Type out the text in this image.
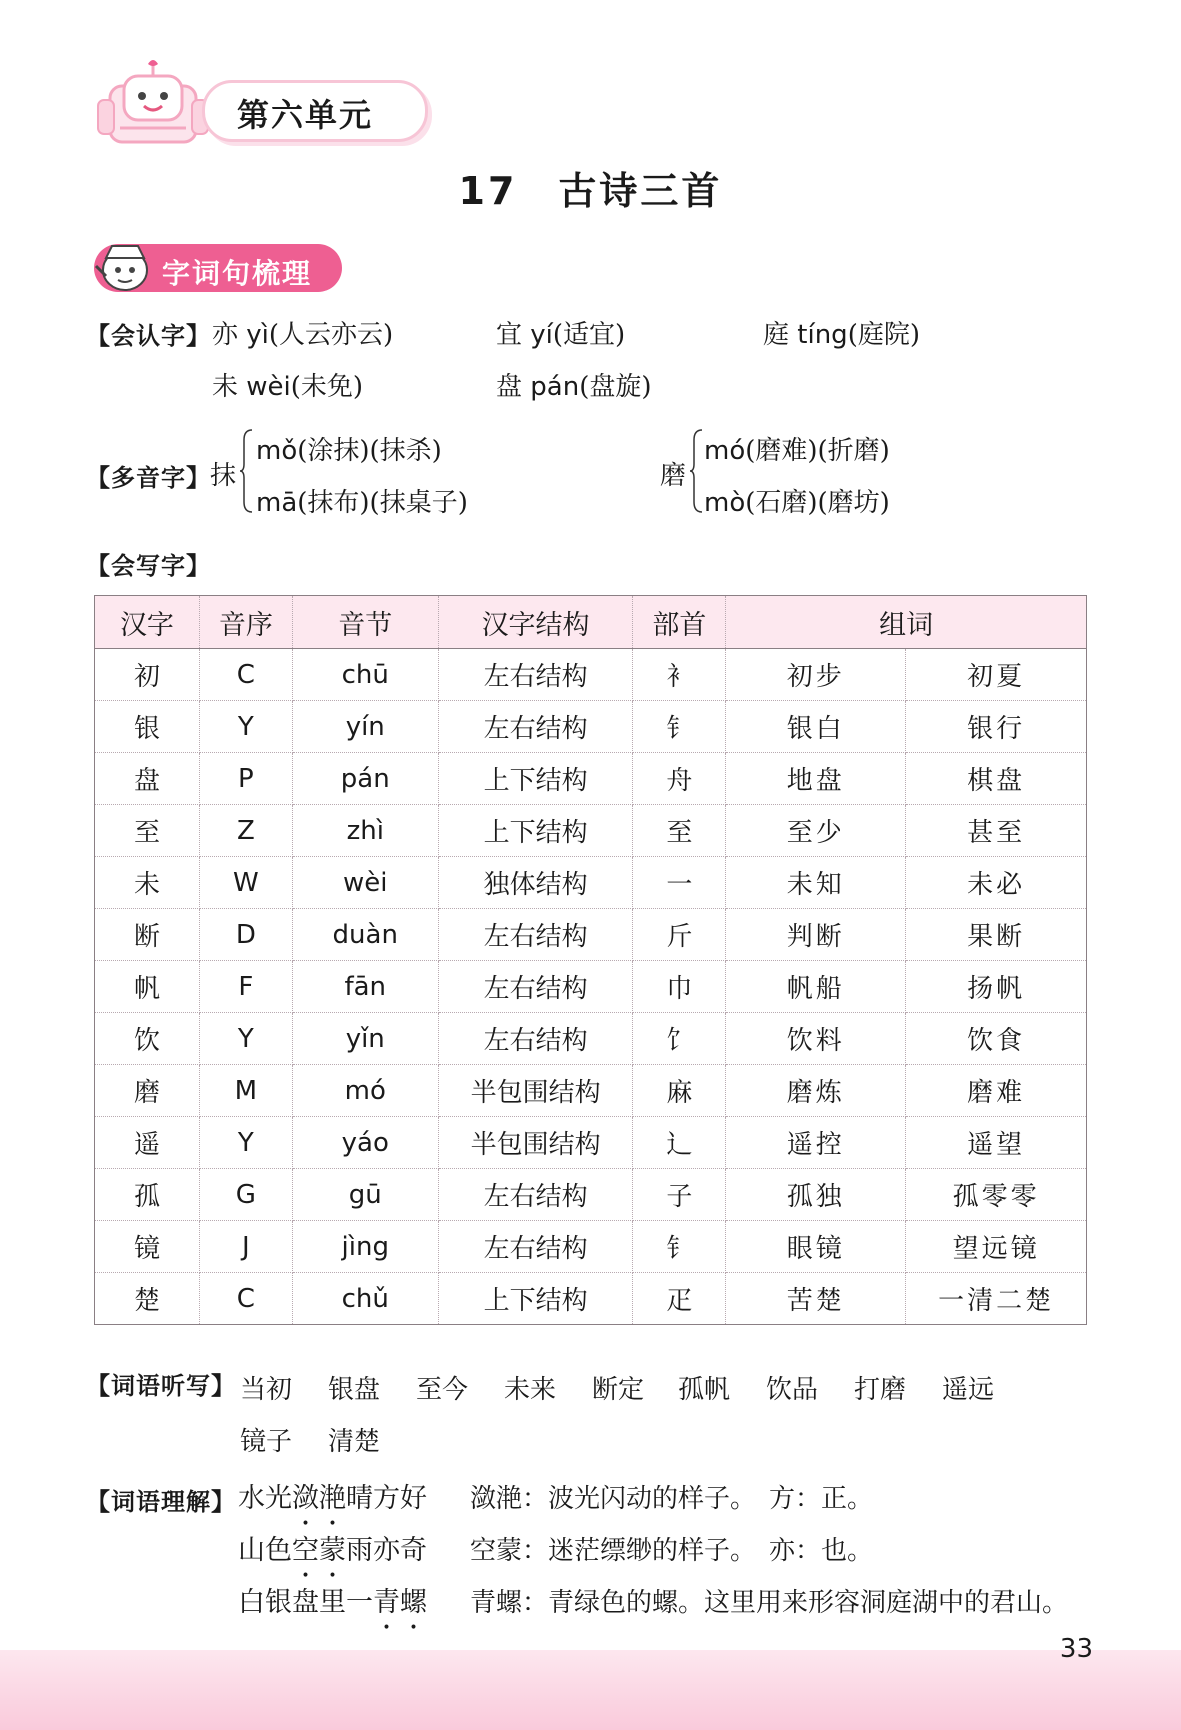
第六单元
17　古诗三首
字词句梳理
【会认字】 亦 yì(人云亦云)	宜 yí(适宜)	庭 tíng(庭院)
未 wèi(未免)	盘 pán(盘旋)
【多音字】 抹
mǒ(涂抹)(抹杀)
mā(抹布)(抹桌子)
磨
mó(磨难)(折磨)
mò(石磨)(磨坊)
【会写字】
汉字	音序	音节	汉字结构	部首	组词	
初	C	chū	左右结构	衤	初步	初夏
银	Y	yín	左右结构	钅	银白	银行
盘	P	pán	上下结构	舟	地盘	棋盘
至	Z	zhì	上下结构	至	至少	甚至
未	W	wèi	独体结构	一	未知	未必
断	D	duàn	左右结构	斤	判断	果断
帆	F	fān	左右结构	巾	帆船	扬帆
饮	Y	yǐn	左右结构	饣	饮料	饮食
磨	M	mó	半包围结构	麻	磨炼	磨难
遥	Y	yáo	半包围结构	辶	遥控	遥望
孤	G	gū	左右结构	子	孤独	孤零零
镜	J	jìng	左右结构	钅	眼镜	望远镜
楚	C	chǔ	上下结构	疋	苦楚	一清二楚
【词语听写】 当初 银盘 至今 未来 断定 孤帆 饮品 打磨 遥远
镜子 清楚
【词语理解】 水光潋滟晴方好 潋滟：波光闪动的样子。　方：正。
山色空蒙雨亦奇 空蒙：迷茫缥缈的样子。　亦：也。
白银盘里一青螺 青螺：青绿色的螺。这里用来形容洞庭湖中的君山。
33
